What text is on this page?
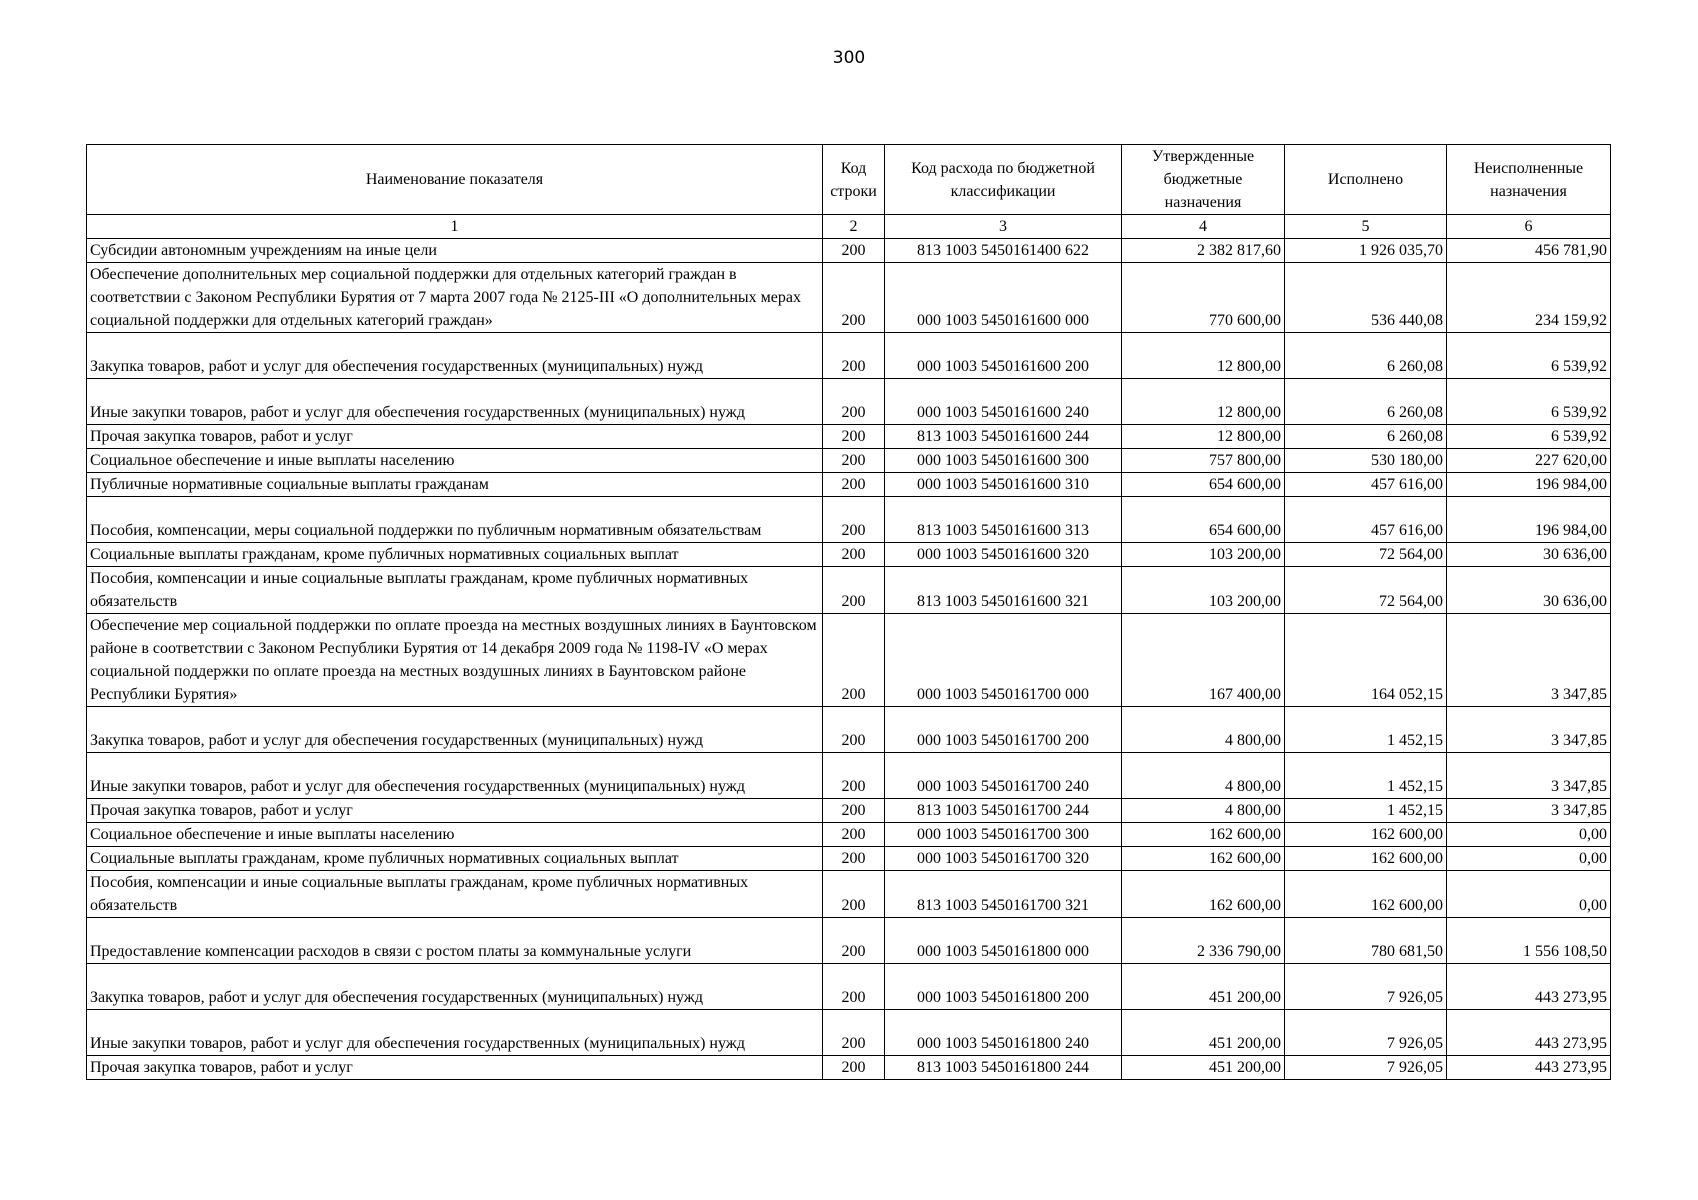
300
Наименование показателя	Код строки	Код расхода по бюджетной классификации	Утвержденные бюджетные назначения	Исполнено	Неисполненные назначения
1	2	3	4	5	6
Субсидии автономным учреждениям на иные цели	200	813 1003 5450161400 622	2 382 817,60	1 926 035,70	456 781,90
Обеспечение дополнительных мер социальной поддержки для отдельных категорий граждан в соответствии с Законом Республики Бурятия от 7 марта 2007 года № 2125-III «О дополнительных мерах социальной поддержки для отдельных категорий граждан»	200	000 1003 5450161600 000	770 600,00	536 440,08	234 159,92
Закупка товаров, работ и услуг для обеспечения государственных (муниципальных) нужд	200	000 1003 5450161600 200	12 800,00	6 260,08	6 539,92
Иные закупки товаров, работ и услуг для обеспечения государственных (муниципальных) нужд	200	000 1003 5450161600 240	12 800,00	6 260,08	6 539,92
Прочая закупка товаров, работ и услуг	200	813 1003 5450161600 244	12 800,00	6 260,08	6 539,92
Социальное обеспечение и иные выплаты населению	200	000 1003 5450161600 300	757 800,00	530 180,00	227 620,00
Публичные нормативные социальные выплаты гражданам	200	000 1003 5450161600 310	654 600,00	457 616,00	196 984,00
Пособия, компенсации, меры социальной поддержки по публичным нормативным обязательствам	200	813 1003 5450161600 313	654 600,00	457 616,00	196 984,00
Социальные выплаты гражданам, кроме публичных нормативных социальных выплат	200	000 1003 5450161600 320	103 200,00	72 564,00	30 636,00
Пособия, компенсации и иные социальные выплаты гражданам, кроме публичных нормативных обязательств	200	813 1003 5450161600 321	103 200,00	72 564,00	30 636,00
Обеспечение мер социальной поддержки по оплате проезда на местных воздушных линиях в Баунтовском районе в соответствии с Законом Республики Бурятия от 14 декабря 2009 года № 1198-IV «О мерах социальной поддержки по оплате проезда на местных воздушных линиях в Баунтовском районе Республики Бурятия»	200	000 1003 5450161700 000	167 400,00	164 052,15	3 347,85
Закупка товаров, работ и услуг для обеспечения государственных (муниципальных) нужд	200	000 1003 5450161700 200	4 800,00	1 452,15	3 347,85
Иные закупки товаров, работ и услуг для обеспечения государственных (муниципальных) нужд	200	000 1003 5450161700 240	4 800,00	1 452,15	3 347,85
Прочая закупка товаров, работ и услуг	200	813 1003 5450161700 244	4 800,00	1 452,15	3 347,85
Социальное обеспечение и иные выплаты населению	200	000 1003 5450161700 300	162 600,00	162 600,00	0,00
Социальные выплаты гражданам, кроме публичных нормативных социальных выплат	200	000 1003 5450161700 320	162 600,00	162 600,00	0,00
Пособия, компенсации и иные социальные выплаты гражданам, кроме публичных нормативных обязательств	200	813 1003 5450161700 321	162 600,00	162 600,00	0,00
Предоставление компенсации расходов в связи с ростом платы за коммунальные услуги	200	000 1003 5450161800 000	2 336 790,00	780 681,50	1 556 108,50
Закупка товаров, работ и услуг для обеспечения государственных (муниципальных) нужд	200	000 1003 5450161800 200	451 200,00	7 926,05	443 273,95
Иные закупки товаров, работ и услуг для обеспечения государственных (муниципальных) нужд	200	000 1003 5450161800 240	451 200,00	7 926,05	443 273,95
Прочая закупка товаров, работ и услуг	200	813 1003 5450161800 244	451 200,00	7 926,05	443 273,95
